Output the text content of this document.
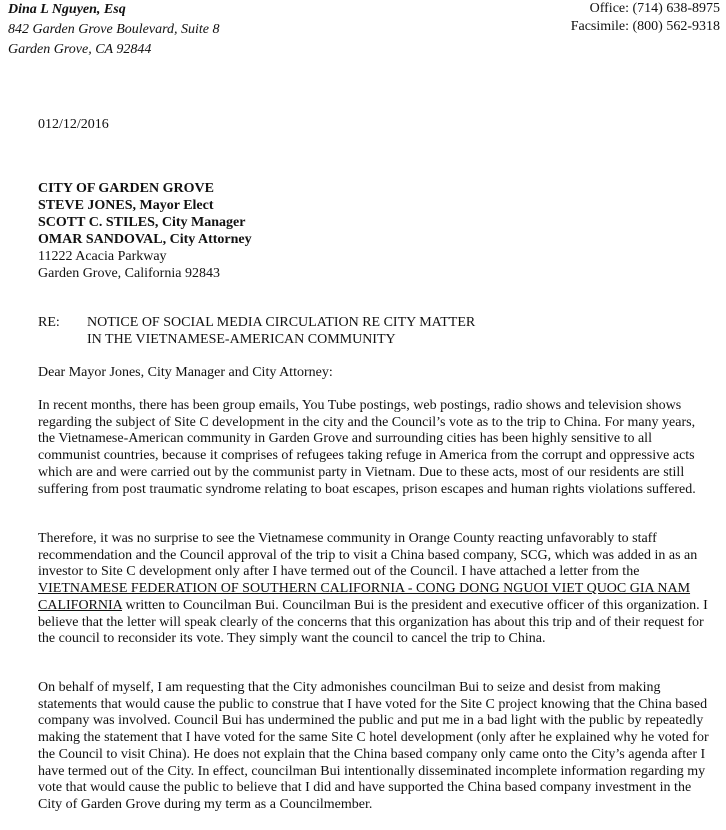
Dina L Nguyen, Esq
842 Garden Grove Boulevard, Suite 8
Garden Grove, CA 92844
Office: (714) 638-8975
Facsimile: (800) 562-9318
012/12/2016
CITY OF GARDEN GROVE
STEVE JONES, Mayor Elect
SCOTT C. STILES, City Manager
OMAR SANDOVAL, City Attorney
11222 Acacia Parkway
Garden Grove, California 92843
RE:	NOTICE OF SOCIAL MEDIA CIRCULATION RE CITY MATTER
IN THE VIETNAMESE-AMERICAN COMMUNITY

Dear Mayor Jones, City Manager and City Attorney:

In recent months, there has been group emails, You Tube postings, web postings, radio shows and television shows regarding the subject of Site C development in the city and the Council’s vote as to the trip to China. For many years, the Vietnamese-American community in Garden Grove and surrounding cities has been highly sensitive to all communist countries, because it comprises of refugees taking refuge in America from the corrupt and oppressive acts which are and were carried out by the communist party in Vietnam. Due to these acts, most of our residents are still suffering from post traumatic syndrome relating to boat escapes, prison escapes and human rights violations suffered.

Therefore, it was no surprise to see the Vietnamese community in Orange County reacting unfavorably to staff recommendation and the Council approval of the trip to visit a China based company, SCG, which was added in as an investor to Site C development only after I have termed out of the Council. I have attached a letter from the VIETNAMESE FEDERATION OF SOUTHERN CALIFORNIA - CONG DONG NGUOI VIET QUOC GIA NAM CALIFORNIA written to Councilman Bui. Councilman Bui is the president and executive officer of this organization. I believe that the letter will speak clearly of the concerns that this organization has about this trip and of their request for the council to reconsider its vote. They simply want the council to cancel the trip to China.

On behalf of myself, I am requesting that the City admonishes councilman Bui to seize and desist from making statements that would cause the public to construe that I have voted for the Site C project knowing that the China based company was involved. Council Bui has undermined the public and put me in a bad light with the public by repeatedly making the statement that I have voted for the same Site C hotel development (only after he explained why he voted for the Council to visit China). He does not explain that the China based company only came onto the City’s agenda after I have termed out of the City. In effect, councilman Bui intentionally disseminated incomplete information regarding my vote that would cause the public to believe that I did and have supported the China based company investment in the City of Garden Grove during my term as a Councilmember.
